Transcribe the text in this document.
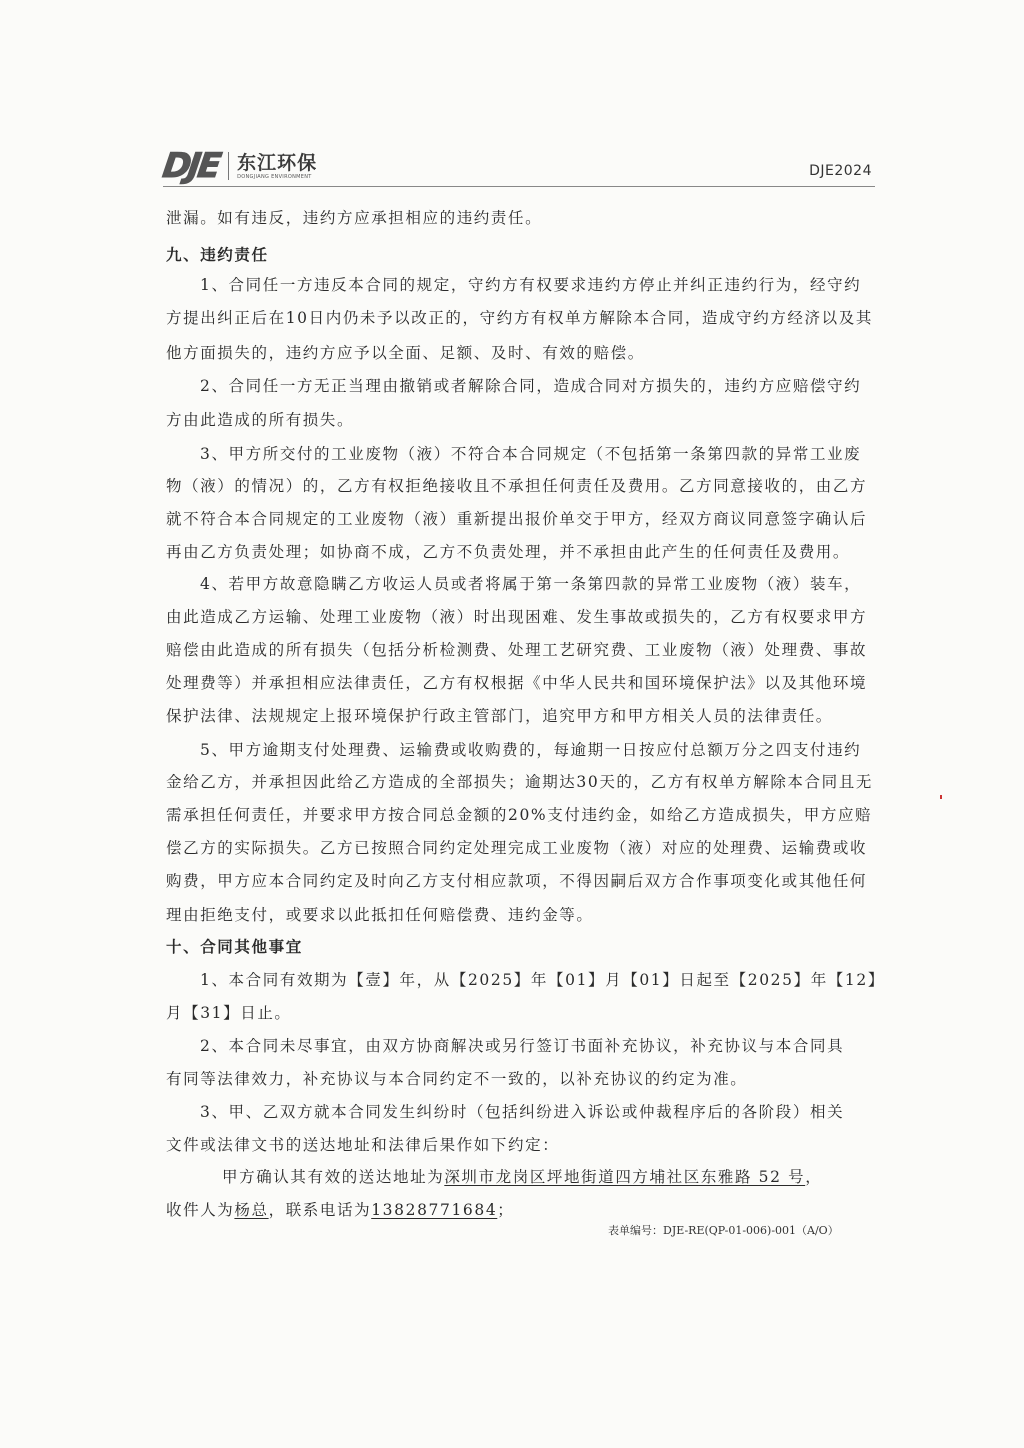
DJE 东江环保
DONGJIANG ENVIRONMENT	DJE2024
泄漏。如有违反，违约方应承担相应的违约责任。
九、违约责任
1、合同任一方违反本合同的规定，守约方有权要求违约方停止并纠正违约行为，经守约
方提出纠正后在10日内仍未予以改正的，守约方有权单方解除本合同，造成守约方经济以及其
他方面损失的，违约方应予以全面、足额、及时、有效的赔偿。
2、合同任一方无正当理由撤销或者解除合同，造成合同对方损失的，违约方应赔偿守约
方由此造成的所有损失。
3、甲方所交付的工业废物（液）不符合本合同规定（不包括第一条第四款的异常工业废
物（液）的情况）的，乙方有权拒绝接收且不承担任何责任及费用。乙方同意接收的，由乙方
就不符合本合同规定的工业废物（液）重新提出报价单交于甲方，经双方商议同意签字确认后
再由乙方负责处理；如协商不成，乙方不负责处理，并不承担由此产生的任何责任及费用。
4、若甲方故意隐瞒乙方收运人员或者将属于第一条第四款的异常工业废物（液）装车，
由此造成乙方运输、处理工业废物（液）时出现困难、发生事故或损失的，乙方有权要求甲方
赔偿由此造成的所有损失（包括分析检测费、处理工艺研究费、工业废物（液）处理费、事故
处理费等）并承担相应法律责任，乙方有权根据《中华人民共和国环境保护法》以及其他环境
保护法律、法规规定上报环境保护行政主管部门，追究甲方和甲方相关人员的法律责任。
5、甲方逾期支付处理费、运输费或收购费的，每逾期一日按应付总额万分之四支付违约
金给乙方，并承担因此给乙方造成的全部损失；逾期达30天的，乙方有权单方解除本合同且无
需承担任何责任，并要求甲方按合同总金额的20%支付违约金，如给乙方造成损失，甲方应赔
偿乙方的实际损失。乙方已按照合同约定处理完成工业废物（液）对应的处理费、运输费或收
购费，甲方应本合同约定及时向乙方支付相应款项，不得因嗣后双方合作事项变化或其他任何
理由拒绝支付，或要求以此抵扣任何赔偿费、违约金等。
十、合同其他事宜
1、本合同有效期为【壹】年，从【2025】年【01】月【01】日起至【2025】年【12】
月【31】日止。
2、本合同未尽事宜，由双方协商解决或另行签订书面补充协议，补充协议与本合同具
有同等法律效力，补充协议与本合同约定不一致的，以补充协议的约定为准。
3、甲、乙双方就本合同发生纠纷时（包括纠纷进入诉讼或仲裁程序后的各阶段）相关
文件或法律文书的送达地址和法律后果作如下约定：
甲方确认其有效的送达地址为深圳市龙岗区坪地街道四方埔社区东雅路 52 号，
收件人为杨总，联系电话为13828771684；
表单编号：DJE-RE(QP-01-006)-001（A/O）
